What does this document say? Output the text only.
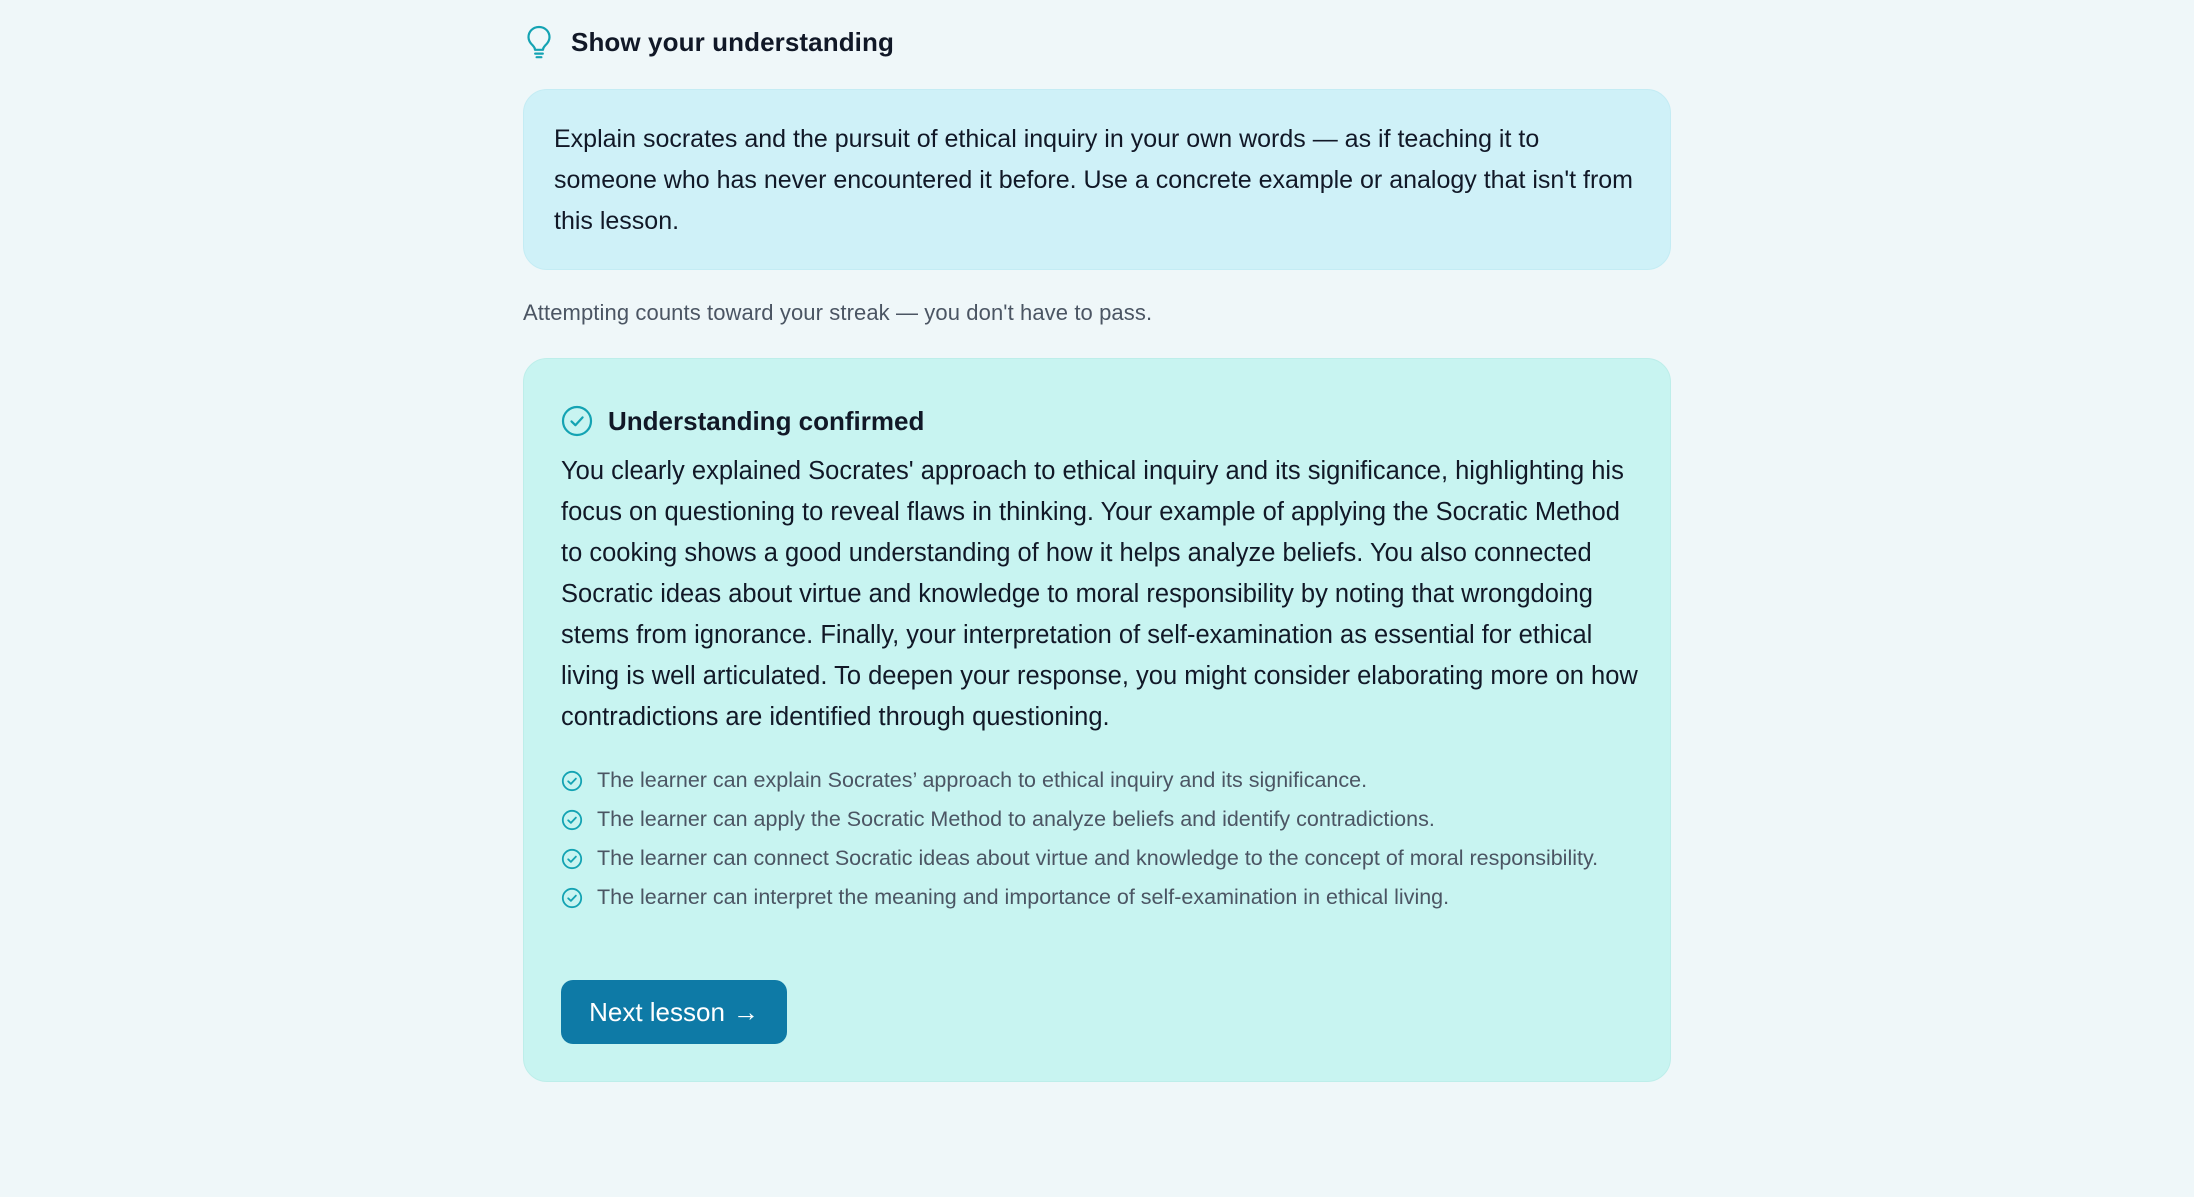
Show your understanding

Explain socrates and the pursuit of ethical inquiry in your own words — as if teaching it to someone who has never encountered it before. Use a concrete example or analogy that isn't from this lesson.

Attempting counts toward your streak — you don't have to pass.
Understanding confirmed

You clearly explained Socrates' approach to ethical inquiry and its significance, highlighting his focus on questioning to reveal flaws in thinking. Your example of applying the Socratic Method to cooking shows a good understanding of how it helps analyze beliefs. You also connected Socratic ideas about virtue and knowledge to moral responsibility by noting that wrongdoing stems from ignorance. Finally, your interpretation of self-examination as essential for ethical living is well articulated. To deepen your response, you might consider elaborating more on how contradictions are identified through questioning.

The learner can explain Socrates’ approach to ethical inquiry and its significance.
The learner can apply the Socratic Method to analyze beliefs and identify contradictions.
The learner can connect Socratic ideas about virtue and knowledge to the concept of moral responsibility.
The learner can interpret the meaning and importance of self-examination in ethical living.
Next lesson →
